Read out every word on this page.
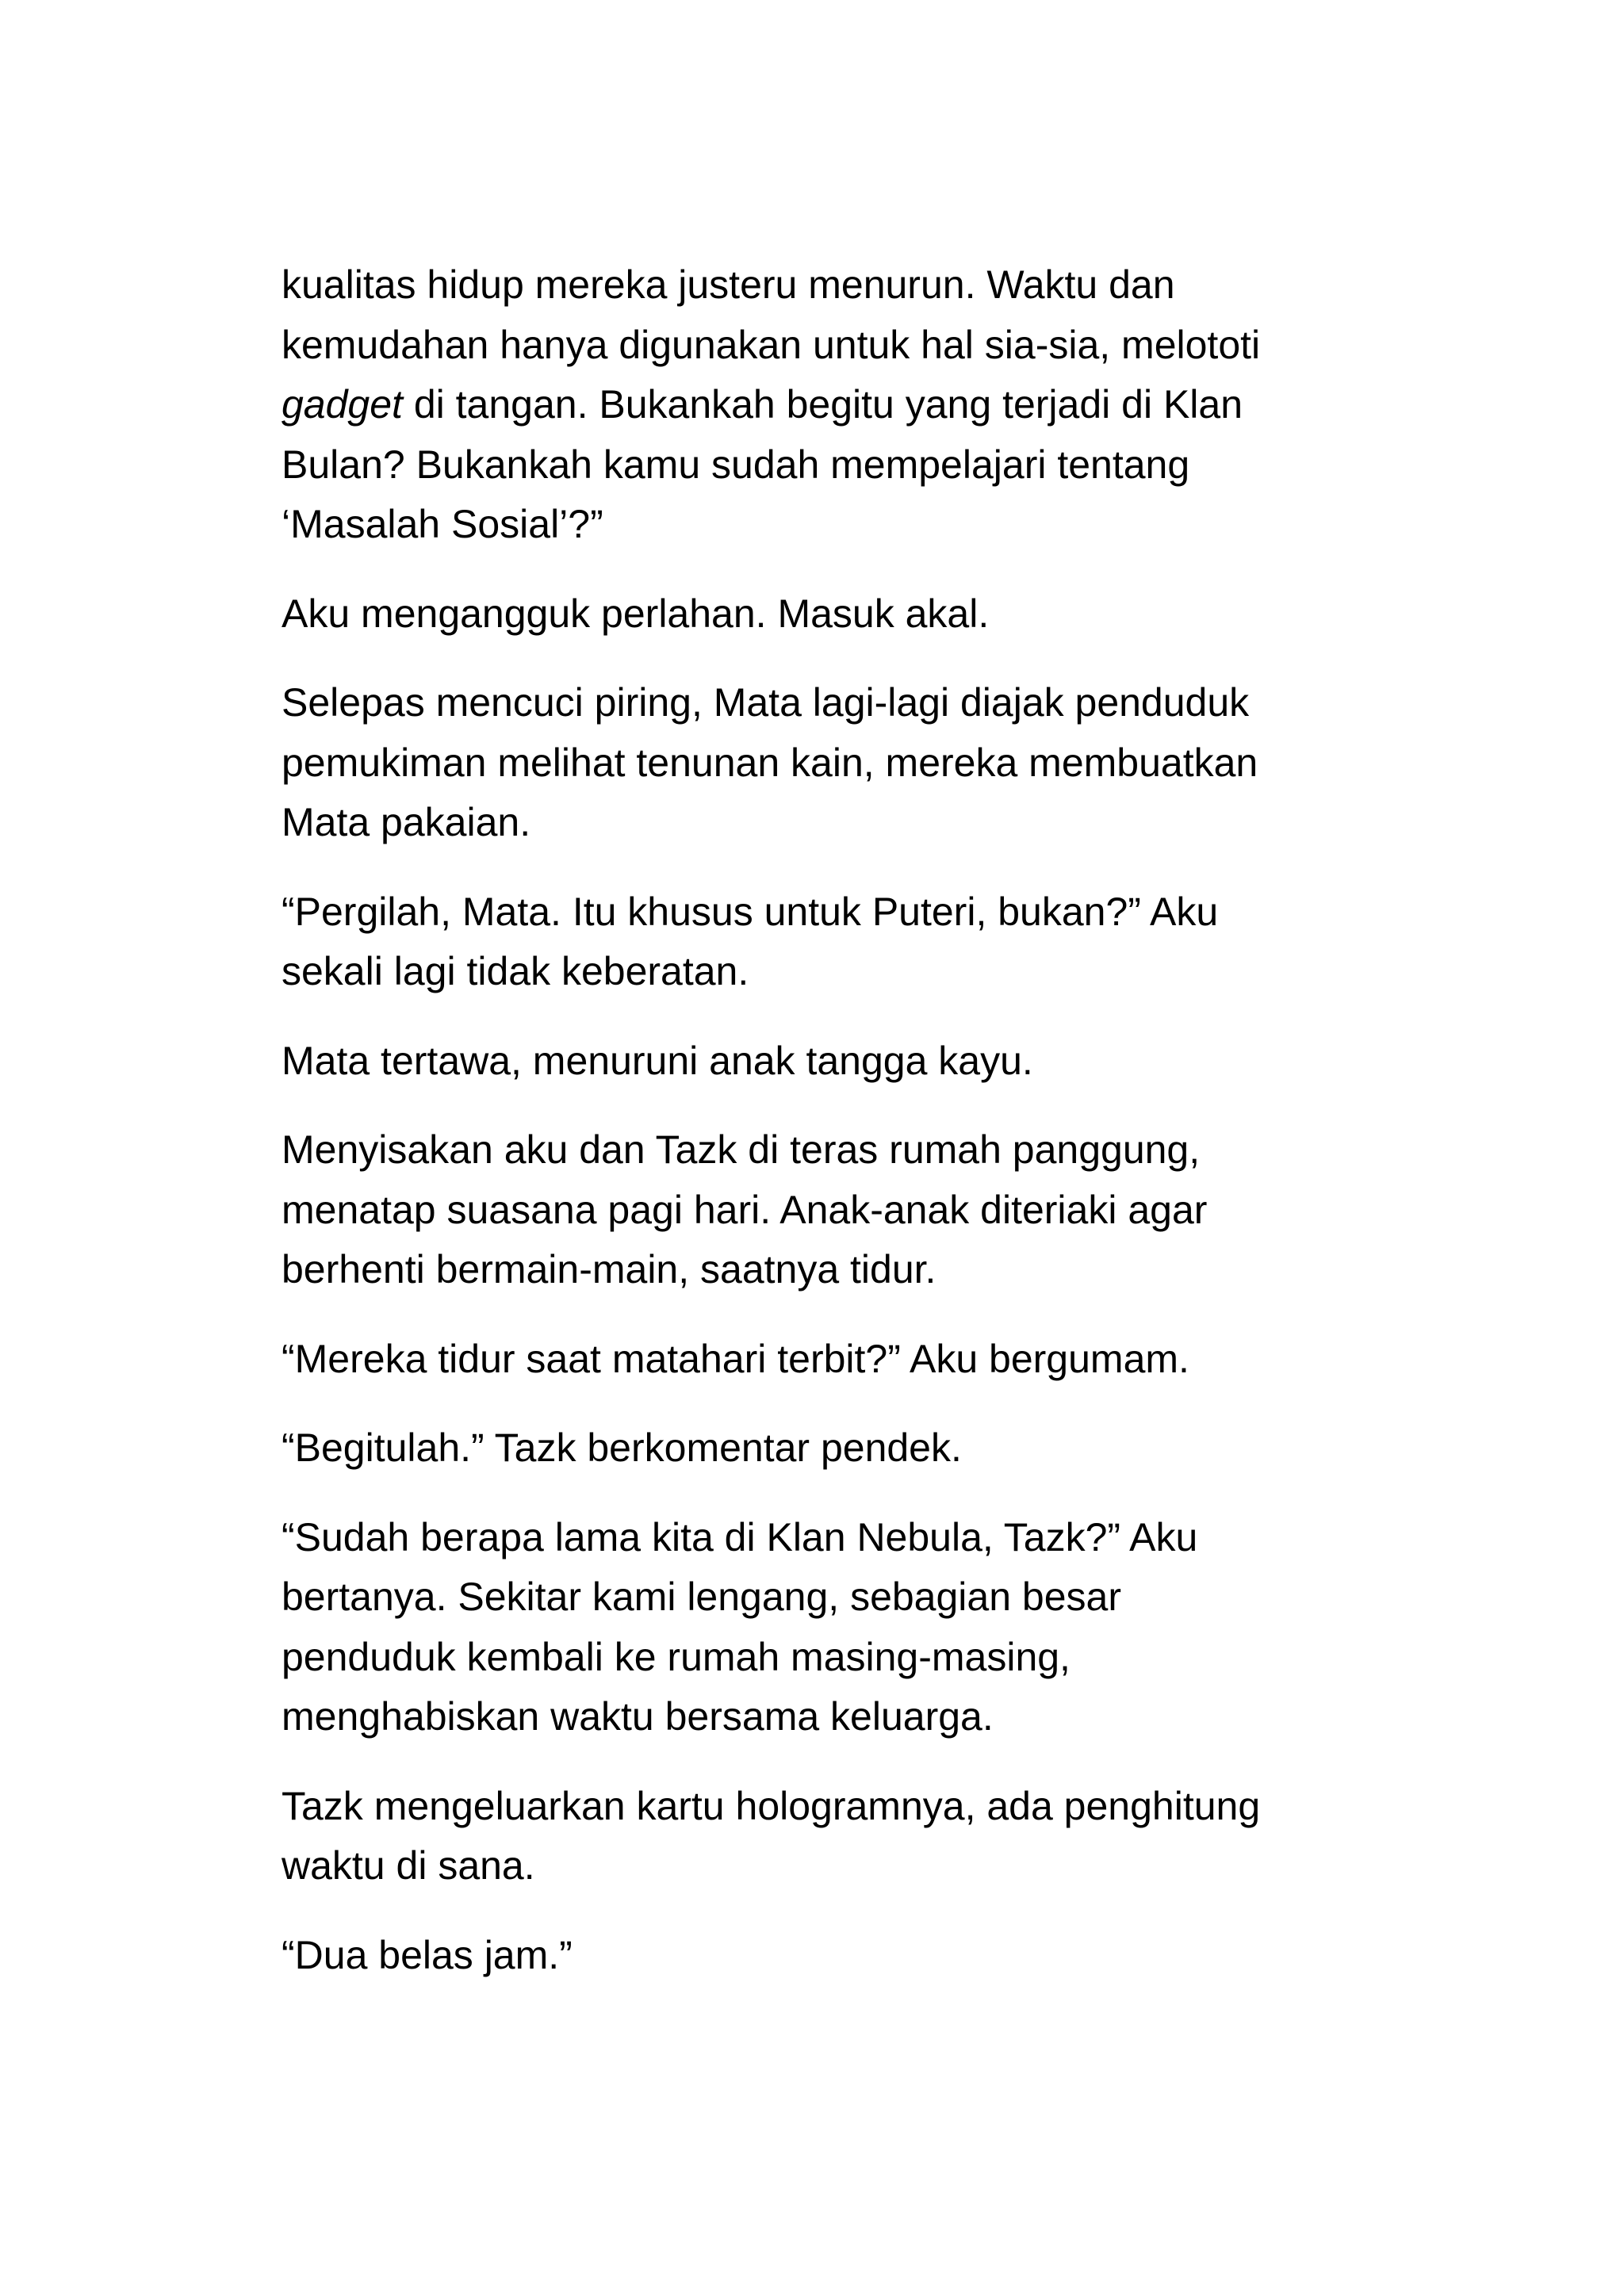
kualitas hidup mereka justeru menurun. Waktu dan
kemudahan hanya digunakan untuk hal sia-sia, melototi
gadget di tangan. Bukankah begitu yang terjadi di Klan
Bulan? Bukankah kamu sudah mempelajari tentang
‘Masalah Sosial’?”

Aku mengangguk perlahan. Masuk akal.

Selepas mencuci piring, Mata lagi-lagi diajak penduduk
pemukiman melihat tenunan kain, mereka membuatkan
Mata pakaian.

“Pergilah, Mata. Itu khusus untuk Puteri, bukan?” Aku
sekali lagi tidak keberatan.

Mata tertawa, menuruni anak tangga kayu.

Menyisakan aku dan Tazk di teras rumah panggung,
menatap suasana pagi hari. Anak-anak diteriaki agar
berhenti bermain-main, saatnya tidur.

“Mereka tidur saat matahari terbit?” Aku bergumam.

“Begitulah.” Tazk berkomentar pendek.

“Sudah berapa lama kita di Klan Nebula, Tazk?” Aku
bertanya. Sekitar kami lengang, sebagian besar
penduduk kembali ke rumah masing-masing,
menghabiskan waktu bersama keluarga.

Tazk mengeluarkan kartu hologramnya, ada penghitung
waktu di sana.

“Dua belas jam.”
